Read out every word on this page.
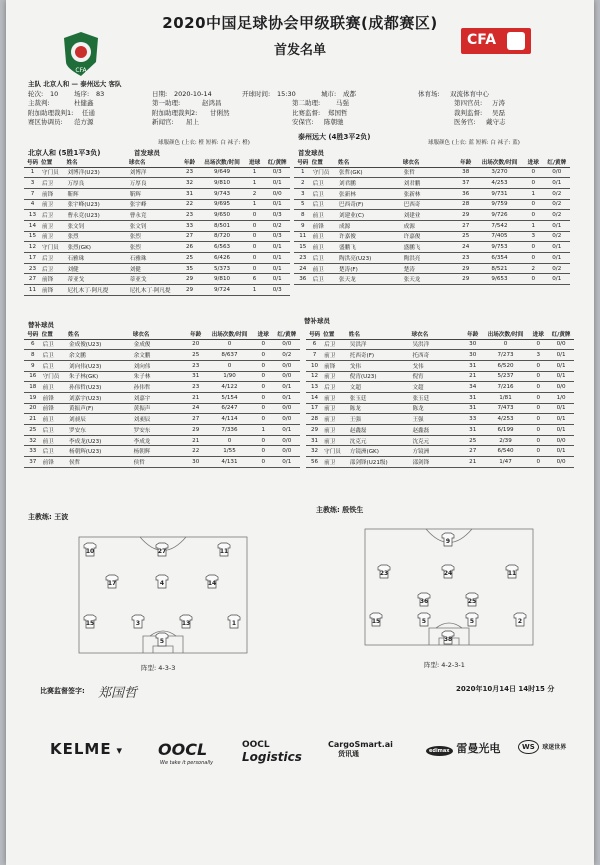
CFA
CFA
2020中国足球协会甲级联赛(成都赛区)
首发名单
主队 北京人和 — 泰州远大 客队
轮次:	10	场序:	83	日期:	2020-10-14	开球时间:	15:30	城市:	成都	体育场:	双流体育中心
主裁判:	杜健鑫	第一助理:	赵鸿昌	第二助理:	马强	第四官员:	万涛
附加助理裁判1:	任通	附加助理裁判2:	甘俐然	比赛监督:	郑国哲	裁判监督:	吴磊
赛区协调员:	范方源	新闻官:	屈上	安保官:	陈朝驰	医务官:	戴守志
球服颜色 (上衣: 橙 短裤: 白 袜子: 橙)	球服颜色 (上衣: 蓝 短裤: 白 袜子: 蓝)
北京人和 (5胜1平3负)
泰州远大 (4胜3平2负)
首发球员	首发球员
号码	位置	姓名	球衣名	年龄	出场次数/时间	进球	红/黄牌
1	守门员	刘博洋(U23)	刘博洋	23	9/649	1	0/3
3	后卫	万厚良	万厚良	32	9/810	1	0/1
7	前锋	靳辉	靳辉	31	9/743	2	0/0
4	前卫	张宇峰(U23)	张宇峰	22	9/695	1	0/1
13	后卫	曹永竞(U23)	曹永竞	23	9/650	0	0/3
14	前卫	张文钊	张文钊	33	8/501	0	0/2
15	前卫	张烈	张烈	27	8/720	0	0/3
12	守门员	张烈(GK)	张烈	26	6/563	0	0/1
17	后卫	石雅珠	石雅珠	25	6/426	0	0/1
23	后卫	刘健	刘健	35	5/373	0	0/1
27	前锋	蒂亚戈	蒂亚戈	29	9/810	6	0/1
11	前锋	尼扎木丁·阿凡提	尼扎木丁·阿凡提	29	9/724	1	0/3
号码	位置	姓名	球衣名	年龄	出场次数/时间	进球	红/黄牌
1	守门员	张哲(GK)	张哲	38	3/270	0	0/0
2	后卫	刘君鹏	刘君鹏	37	4/253	0	0/1
3	后卫	张新林	张新林	36	9/731	1	0/2
5	后卫	巴西奇(F)	巴西奇	28	9/759	0	0/2
8	前卫	刘建业(C)	刘建业	29	9/726	0	0/2
9	前锋	成源	成源	27	7/542	1	0/1
11	前卫	许嘉俊	许嘉俊	25	7/405	3	0/2
15	前卫	盛鹏飞	盛鹏飞	24	9/753	0	0/1
23	后卫	陶洪亮(U23)	陶洪亮	23	6/354	0	0/1
24	前卫	楚涛(F)	楚涛	29	8/521	2	0/2
36	后卫	张天龙	张天龙	29	9/653	0	0/1
替补球员	替补球员
号码	位置	姓名	球衣名	年龄	出场次数/时间	进球	红/黄牌
6	后卫	金成俊(U23)	金成俊	20	0	0	0/0
8	后卫	余文鹏	余文鹏	25	8/637	0	0/2
9	后卫	刘向伟(U23)	刘向伟	23	0	0	0/0
16	守门员	朱子林(GK)	朱子林	31	1/90	0	0/0
18	前卫	孙伟哲(U23)	孙伟哲	23	4/122	0	0/1
19	前锋	刘嘉宇(U23)	刘嘉宇	21	5/154	0	0/1
20	前锋	黄振声(F)	黄振声	24	6/247	0	0/0
21	前卫	刘昶辰	刘昶辰	27	4/114	0	0/0
25	后卫	罗安东	罗安东	29	7/336	1	0/1
32	前卫	李成龙(U23)	李成龙	21	0	0	0/0
33	后卫	杨朝辉(U23)	杨朝辉	22	1/55	0	0/0
37	前锋	侯哲	侯哲	30	4/131	0	0/1
号码	位置	姓名	球衣名	年龄	出场次数/时间	进球	红/黄牌
6	后卫	吴洪洋	吴洪洋	30	0	0	0/0
7	前卫	托西奇(F)	托西奇	30	7/273	3	0/1
10	前锋	戈伟	戈伟	31	6/520	0	0/1
12	前卫	倪宵(U23)	倪宵	21	5/237	0	0/1
13	后卫	文超	文超	34	7/216	0	0/0
14	前卫	张玉廷	张玉廷	31	1/81	0	1/0
17	前卫	陈龙	陈龙	31	7/473	0	0/1
28	前卫	王强	王强	33	4/253	0	0/1
29	前卫	赵鑫磊	赵鑫磊	31	6/199	0	0/1
31	前卫	沈克元	沈克元	25	2/39	0	0/0
32	守门员	方镜洲(GK)	方镜洲	27	6/540	0	0/1
56	前卫	邵剑锋(U21级)	邵剑锋	21	1/47	0	0/0
主教练: 王波
主教练: 殷铁生
10	27	11
17	4	14
15	3	13	1
5
9
23	24	11
36	25
15	5	5	2
38
阵型: 4-3-3	阵型: 4-2-3-1
比赛监督签字: 郑国哲	2020年10月14日 14时15 分
KELME ▾ OOCL
We take it personally
OOCL
Logistics
CargoSmart.ai
货讯通	edimax 雷曼光电	WS 球迷世界
